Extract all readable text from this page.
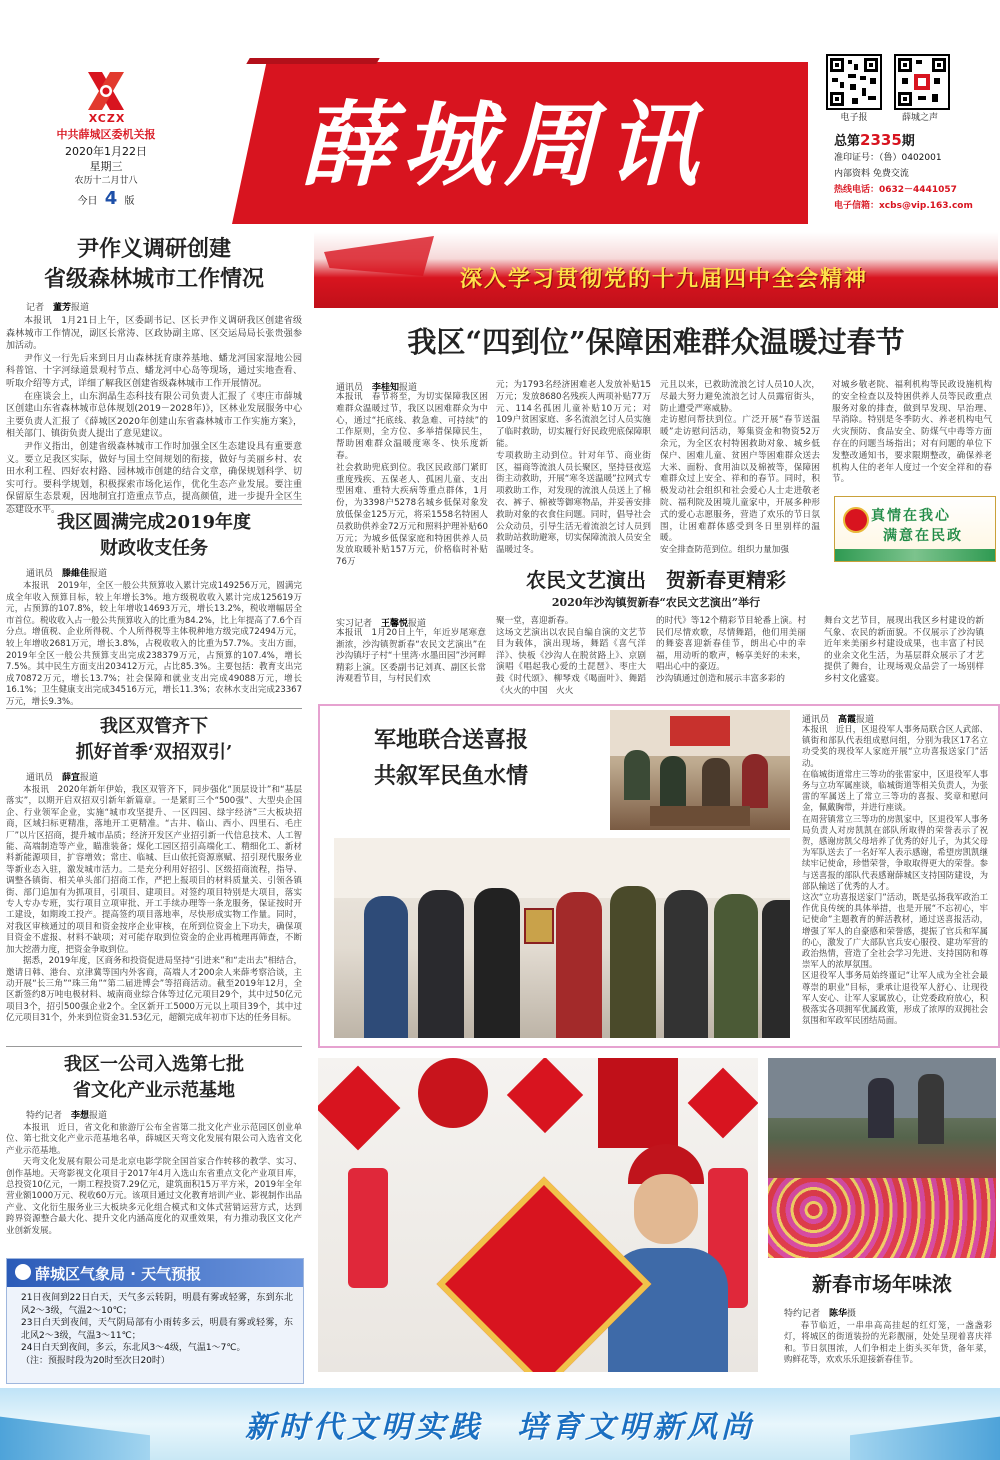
XCZX
中共薛城区委机关报
2020年1月22日
星期三
农历十二月廿八
今日 4 版
薛城周讯	电子报	薛城之声
总第2335期
准印证号：（鲁）0402001
内部资料 免费交流
热线电话：0632－4441057
电子信箱：xcbs@vip.163.com
尹作义调研创建
省级森林城市工作情况
记者　 董芳报道

本报讯　1月21日上午，区委副书记、区长尹作义调研我区创建省级森林城市工作情况，副区长常涛、区政协副主席、区交运局局长张贵强参加活动。

尹作义一行先后来到日月山森林抚育康养基地、蟠龙河国家湿地公园科普馆、十字河绿道景观村节点、蟠龙河中心岛等现场，通过实地查看、听取介绍等方式，详细了解我区创建省级森林城市工作开展情况。

在座谈会上，山东润晶生态科技有限公司负责人汇报了《枣庄市薛城区创建山东省森林城市总体规划(2019－2028年)》，区林业发展服务中心主要负责人汇报了《薛城区2020年创建山东省森林城市工作实施方案》，相关部门、镇街负责人提出了意见建议。

尹作义指出，创建省级森林城市工作时加强全区生态建设具有重要意义。要立足我区实际，做好与国土空间规划的衔接，做好与美丽乡村、农田水利工程、四好农村路、园林城市创建的结合文章，确保规划科学、切实可行。要科学规划，积极探索市场化运作，优化生态产业发展。要注重保留原生态景观，因地制宜打造重点节点，提高颜值，进一步提升全区生态建设水平。

我区圆满完成2019年度
财政收支任务
通讯员　 滕維佳报道

本报讯　2019年，全区一般公共预算收入累计完成149256万元，圆满完成全年收入预算目标，较上年增长3%。地方级税收收入累计完成125619万元，占预算的107.8%，较上年增收14693万元，增长13.2%，税收增幅居全市首位。税收收入占一般公共预算收入的比重为84.2%，比上年提高了7.6个百分点。增值税、企业所得税、个人所得税等主体税种地方级完成72494万元，较上年增收2681万元，增长3.8%，占税收收入的比重为57.7%。支出方面，2019年全区一般公共预算支出完成238379万元，占预算的107.4%，增长7.5%。其中民生方面支出203412万元，占比85.3%。主要包括：教育支出完成70872万元，增长13.7%；社会保障和就业支出完成49088万元，增长16.1%；卫生健康支出完成34516万元，增长11.3%；农林水支出完成23367万元，增长9.3%。

我区双管齐下
抓好首季‘双招双引’
通讯员　 薛宣报道

本报讯　2020年新年伊始，我区双管齐下，同步强化“顶层设计”和“基层落实”，以期开启双招双引新年新篇章。一是紧盯三个“500强”、大型央企国企、行业领军企业，实施“城市攻坚提升、一区四园、绿宇经济”三大板块招商，区域扫标更精准，落地开工更精准。“古井、临山、西小、四里石、毛庄厂”以片区招商，提升城市品质；经济开发区产业招引新一代信息技术、人工智能、高端制造等产业，瞄准装备；煤化工园区招引高端化工、精细化工、新材料新能源项目，扩容增效；常庄、临城、巨山依托资源禀赋、招引现代服务业等新业态入驻，激发城市活力。二是充分利用好招引、区级招商流程，指导、调整各镇街、相关单头部门招商工作，严把上报项目的材料质量关、引领各镇街、部门追加有为抓项目，引项目、建项目。对签约项目特别是大项目，落实专人专办专班，实行项目立项审批、开工手续办理等一条龙服务，保证按时开工建设，如期竣工投产。提高签约项目落地率，尽快形成实物工作量。同时，对我区审核通过的项目和资金按序企业审核，在所到位资金上下功夫，确保项目资金不虚报、材料不缺项；对可能存取到位资金的企业再梳理再筛查，不断加大挖潜力度，把资金争取到位。

据悉，2019年度，区商务和投资促进局坚持“引进来”和“走出去”相结合，邀请日韩、港台、京津冀等国内外客商，高端人才200余人来薛考察洽谈，主动开展“长三角”“珠三角”“第二届进博会”等招商活动。截至2019年12月，全区新签约8万吨电极材料、城南商业综合体等过亿元项目29个，其中过50亿元项目3个，招引500强企业2个。全区新开工5000万元以上项目39个，其中过亿元项目31个，外来到位资金31.53亿元，超额完成年初市下达的任务目标。

我区一公司入选第七批
省文化产业示范基地
特约记者　 李想报道

本报讯　近日，省文化和旅游厅公布全省第二批文化产业示范园区创业单位、第七批文化产业示范基地名单，薛城区天弯文化发展有限公司入选省文化产业示范基地。

天弯文化发展有限公司是北京电影学院全国首家合作转移的教学、实习、创作基地。天弯影视文化项目于2017年4月入选山东省重点文化产业项目库，总投资10亿元，一期工程投资7.29亿元，建筑面积15万平方米，2019年全年营业额1000万元、税收60万元。该项目通过文化教育培训产业、影视制作出品产业、文化衍生服务业三大板块多元化组合模式和文体式营销运营方式，达到跨界资源整合最大化、提升文化内涵高度化的双重效果，有力推动我区文化产业创新发展。

薛城区气象局 · 天气预报

21日夜间到22日白天，天气多云转阴，明晨有雾或轻雾，东到东北风2～3级，气温2～10℃；

23日白天到夜间，天气阴局部有小雨转多云，明晨有雾或轻雾，东北风2～3级，气温3～11℃；

24日白天到夜间，多云，东北风3～4级，气温1～7℃。

（注：预报时段为20时至次日20时）

深入学习贯彻党的十九届四中全会精神
我区“四到位”保障困难群众温暖过春节
通讯员　 李桂知报道

本报讯　春节将至，为切实保障我区困难群众温暖过节，我区以困难群众为中心，通过“托底线、救急难、可持续”的工作原则，全方位、多举措保障民生，帮助困难群众温暖度寒冬、快乐度新春。
社会救助兜底到位。我区民政部门紧盯重度残疾、五保老人、孤困儿童、支出型困难、重特大疾病等重点群体，1月份，为3398户5278名城乡低保对象发放低保金125万元，将采1558名特困人员救助供养金72万元和照料护理补贴60万元；为城乡低保家庭和特困供养人员发放取暖补贴157万元，价格临时补贴76万

元；为1793名经济困难老人发放补贴15万元；发放8680名残疾人两项补贴77万元、114名孤困儿童补贴10万元；对109户贫困家庭、多名流浪乞讨人员实施了临时救助，切实履行好民政兜底保障职能。
专项救助主动到位。针对年节、商业街区，福商等流浪人员长聚区，坚持昼夜巡街主动救助，开展“寒冬送温暖”拉网式专项救助工作，对发现的流浪人员送上了棉衣、裤子、棉被等御寒物品，并妥善安排救助对象的衣食住问题。同时，倡导社会公众动员，引导生活无着流浪乞讨人员到救助站救助避寒，切实保障流浪人员安全温暖过冬。

元且以来，已救助流浪乞讨人员10人次，尽最大努力避免流浪乞讨人员露宿街头，防止遭受严寒威胁。
走访慰问帮扶到位。广泛开展“春节送温暖”走访慰问活动，筹集资金和物资52万余元，为全区农村特困救助对象、城乡低保户、困难儿童、贫困户等困难群众送去大米、面粉、食用油以及棉被等，保障困难群众过上安全、祥和的春节。同时，积极发动社会组织和社会爱心人士走进敬老院、福利院及困境儿童家中，开展多种形式的爱心志愿服务，营造了欢乐的节日氛围，让困难群体感受到冬日里别样的温暖。
安全排查防范到位。组织力量加强

对城乡敬老院、福利机构等民政设施机构的安全检查以及特困供养人员等民政重点服务对象的排查，做到早发现、早治理、早消除。特别是冬季防火、养老机构电气火灾预防、食品安全、防煤气中毒等方面存在的问题当场指出；对有问题的单位下发整改通知书，要求限期整改，确保养老机构人住的老年人度过一个安全祥和的春节。

真情在我心
满意在民政
农民文艺演出　贺新春更精彩
2020年沙沟镇贺新春“农民文艺演出”举行
实习记者　 王馨悦报道

本报讯　1月20日上午，年近岁尾寒意渐浓，沙沟镇贺新春“农民文艺演出”在沙沟镇圩子村“十里湾·水墨田园”沙河畔精彩上演。区委副书记刘真、副区长常涛观看节目，与村民们欢

聚一堂，喜迎新春。
这场文艺演出以农民自编自演的文艺节目为载体，演出现场，舞蹈《喜气洋洋》、快板《沙沟人在脱贫路上》、京剧演唱《唱起我心爱的土琵琶》、枣庄大鼓《时代颂》、柳琴戏《喝面叶》、舞蹈《火火的中国　火火

的时代》等12个精彩节目轮番上演。村民们尽情欢歌，尽情舞蹈，他们用美丽的舞姿喜迎新春佳节，朗出心中的幸福，用动听的歌声，畅享美好的未来，唱出心中的豪迈。
沙沟镇通过创造和展示丰富多彩的

舞台文艺节目，展现出我区乡村建设的新气象、农民的新面貌。不仅展示了沙沟镇近年来美丽乡村建设成果，也丰富了村民的业余文化生活，为基层群众展示了才艺提供了舞台，让现场观众品尝了一场别样乡村文化盛宴。

军地联合送喜报
共叙军民鱼水情
通讯员　 高霞报道

本报讯　近日，区退役军人事务局联合区人武部、镇街和部队代表组成慰问组，分别为我区17名立功受奖的现役军人家庭开展“立功喜报送家门”活动。
在临城街道常庄三等功的张雷家中，区退役军人事务与立功军属座谈，临城街道等相关负责人，为张雷的军属送上了常立三等功的喜报、奖章和慰问金，佩戴胸带，并进行座谈。
在周营镇常立三等功的房凯家中，区退役军人事务局负责人对房凯凯在部队所取得的荣誉表示了祝贺，感谢房凯父母培养了优秀的好儿子，为其父母为军队送去了一名好军人表示感谢，希望房凯凯继续牢记使命，珍惜荣誉，争取取得更大的荣誉。参与送喜报的部队代表感谢薛城区支持国防建设，为部队输送了优秀的人才。
这次“立功喜报送家门”活动，既是弘扬我军政治工作优良传统的具体举措，也是开展“不忘初心，牢记使命”主题教育的鲜活教材，通过送喜报活动，增强了军人的自豪感和荣誉感，提振了官兵和军属的心，激发了广大部队官兵安心服役、建功军营的政治热情，营造了全社会学习先进、支持国防和尊崇军人的浓厚氛围。
区退役军人事务局始终谨记“让军人成为全社会最尊崇的职业”目标，秉承让退役军人舒心、让现役军人安心、让军人家属放心，让党委政府放心，积极落实各项拥军优属政策，形成了浓厚的双拥社会氛围和军政军民团结局面。

新春市场年味浓
特约记者　 陈华摄

春节临近，一串串高高挂起的红灯笼，一盏盏彩灯，将城区的街道装扮的光彩靓丽，处处呈现着喜庆祥和。节日氛围浓，人们争相走上街头买年货，备年菜，购鲜花等，欢欢乐乐迎接新春佳节。

新时代文明实践　培育文明新风尚
